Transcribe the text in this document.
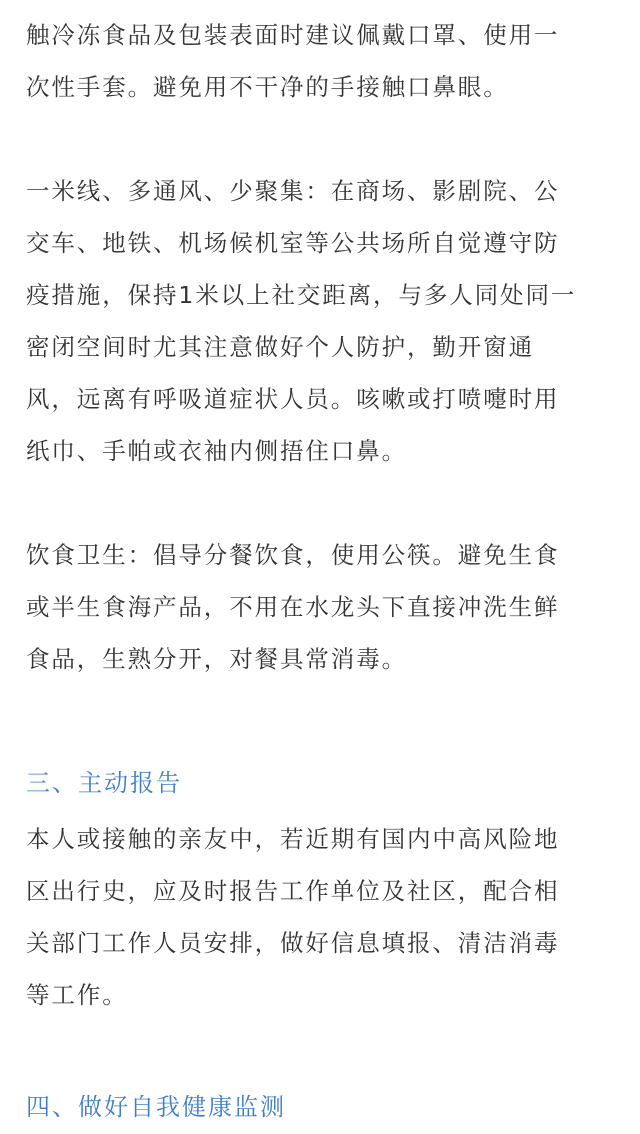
触冷冻食品及包装表面时建议佩戴口罩、使用一
次性手套。避免用不干净的手接触口鼻眼。
一米线、多通风、少聚集：在商场、影剧院、公
交车、地铁、机场候机室等公共场所自觉遵守防
疫措施，保持1米以上社交距离，与多人同处同一
密闭空间时尤其注意做好个人防护，勤开窗通
风，远离有呼吸道症状人员。咳嗽或打喷嚏时用
纸巾、手帕或衣袖内侧捂住口鼻。
饮食卫生：倡导分餐饮食，使用公筷。避免生食
或半生食海产品，不用在水龙头下直接冲洗生鲜
食品，生熟分开，对餐具常消毒。
三、主动报告
本人或接触的亲友中，若近期有国内中高风险地
区出行史，应及时报告工作单位及社区，配合相
关部门工作人员安排，做好信息填报、清洁消毒
等工作。
四、做好自我健康监测
